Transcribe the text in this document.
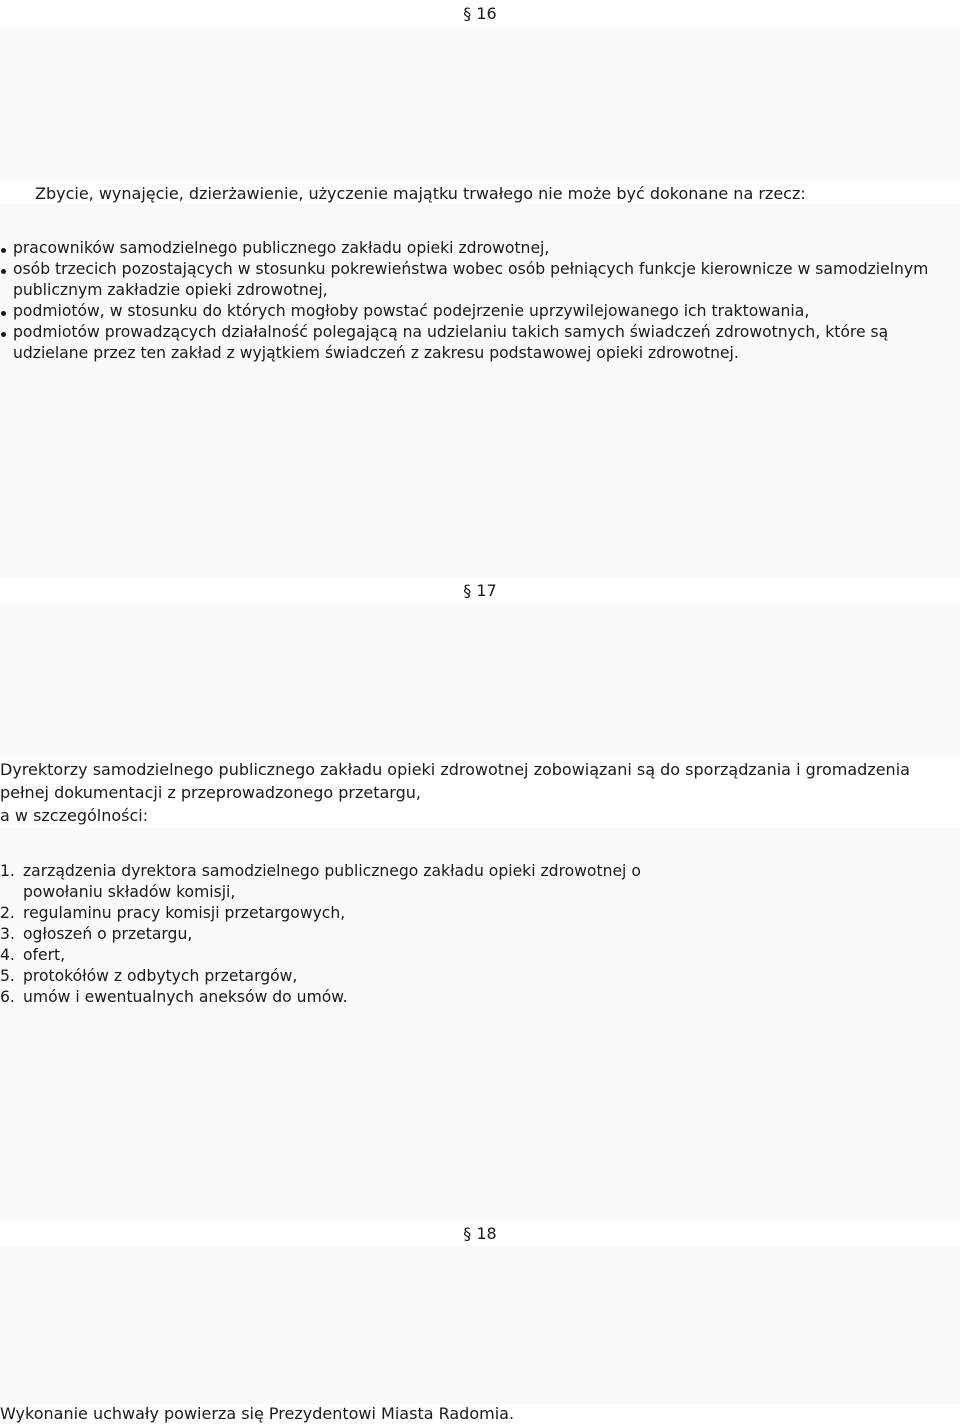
§ 16

Zbycie, wynajęcie, dzierżawienie, użyczenie majątku trwałego nie może być dokonane na rzecz:

pracowników samodzielnego publicznego zakładu opieki zdrowotnej,
osób trzecich pozostających w stosunku pokrewieństwa wobec osób pełniących funkcje kierownicze w samodzielnym publicznym zakładzie opieki zdrowotnej,
podmiotów, w stosunku do których mogłoby powstać podejrzenie uprzywilejowanego ich traktowania,
podmiotów prowadzących działalność polegającą na udzielaniu takich samych świadczeń zdrowotnych, które są udzielane przez ten zakład z wyjątkiem świadczeń z zakresu podstawowej opieki zdrowotnej.
§ 17

Dyrektorzy samodzielnego publicznego zakładu opieki zdrowotnej zobowiązani są do sporządzania i gromadzenia pełnej dokumentacji z przeprowadzonego przetargu,
a w szczególności:

1. zarządzenia dyrektora samodzielnego publicznego zakładu opieki zdrowotnej o powołaniu składów komisji,
2. regulaminu pracy komisji przetargowych,
3. ogłoszeń o przetargu,
4. ofert,
5. protokółów z odbytych przetargów,
6. umów i ewentualnych aneksów do umów.
§ 18

Wykonanie uchwały powierza się Prezydentowi Miasta Radomia.
